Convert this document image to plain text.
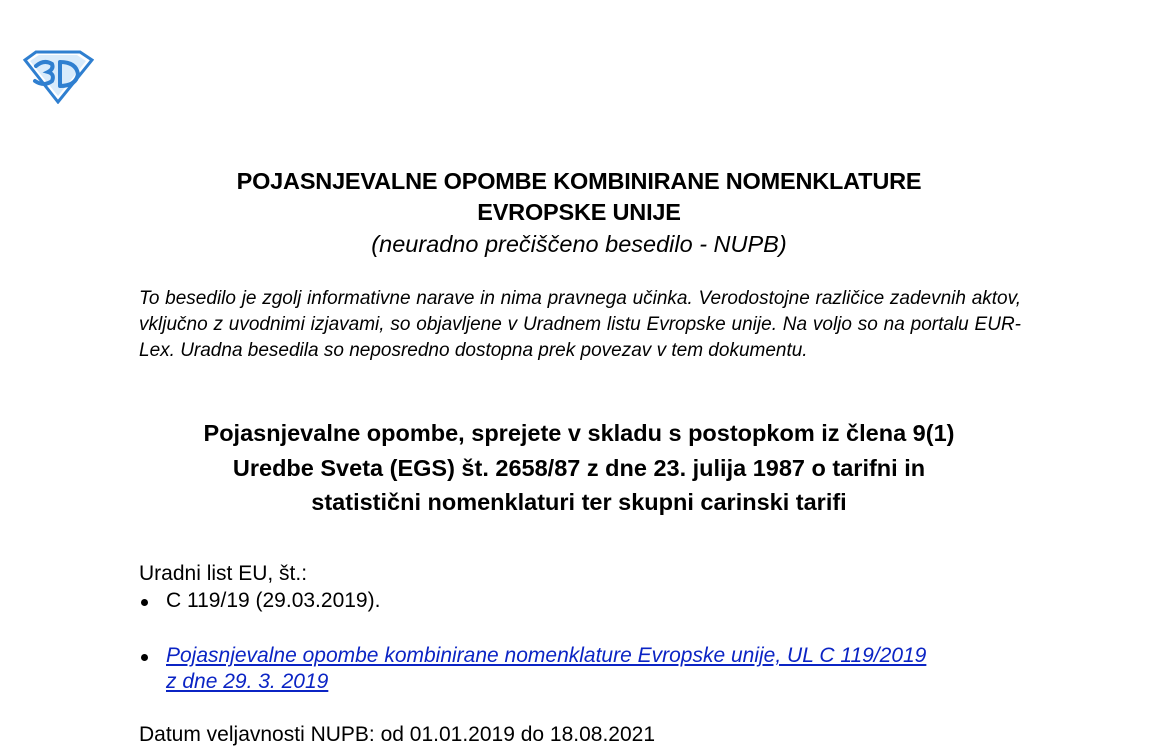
POJASNJEVALNE OPOMBE KOMBINIRANE NOMENKLATURE
EVROPSKE UNIJE
(neuradno prečiščeno besedilo - NUPB)
To besedilo je zgolj informativne narave in nima pravnega učinka. Verodostojne različice zadevnih aktov, vključno z uvodnimi izjavami, so objavljene v Uradnem listu Evropske unije. Na voljo so na portalu EUR-Lex. Uradna besedila so neposredno dostopna prek povezav v tem dokumentu.
Pojasnjevalne opombe, sprejete v skladu s postopkom iz člena 9(1)
Uredbe Sveta (EGS) št. 2658/87 z dne 23. julija 1987 o tarifni in
statistični nomenklaturi ter skupni carinski tarifi
Uradni list EU, št.:
C 119/19 (29.03.2019).
Pojasnjevalne opombe kombinirane nomenklature Evropske unije, UL C 119/2019
z dne 29. 3. 2019
Datum veljavnosti NUPB: od 01.01.2019 do 18.08.2021
